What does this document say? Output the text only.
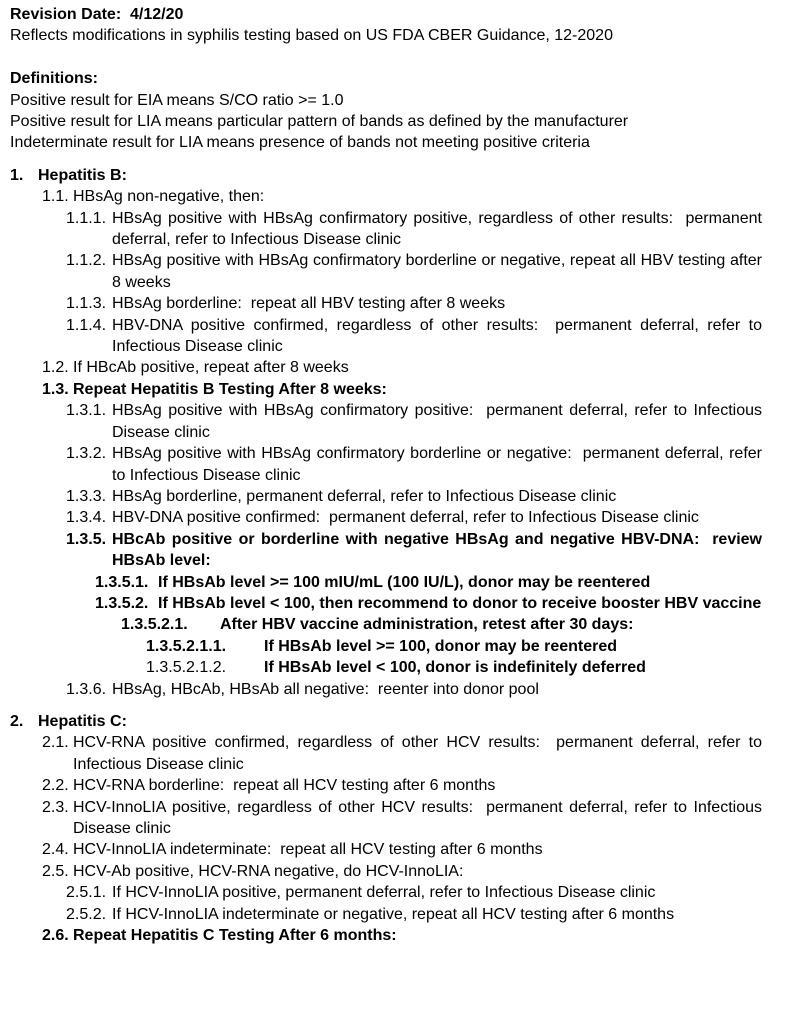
Revision Date:  4/12/20
Reflects modifications in syphilis testing based on US FDA CBER Guidance, 12-2020
Definitions:
Positive result for EIA means S/CO ratio >= 1.0
Positive result for LIA means particular pattern of bands as defined by the manufacturer
Indeterminate result for LIA means presence of bands not meeting positive criteria
1. Hepatitis B:
1.1. HBsAg non-negative, then:
1.1.1. HBsAg positive with HBsAg confirmatory positive, regardless of other results:  permanent deferral, refer to Infectious Disease clinic
1.1.2. HBsAg positive with HBsAg confirmatory borderline or negative, repeat all HBV testing after 8 weeks
1.1.3. HBsAg borderline:  repeat all HBV testing after 8 weeks
1.1.4. HBV-DNA positive confirmed, regardless of other results:  permanent deferral, refer to Infectious Disease clinic
1.2. If HBcAb positive, repeat after 8 weeks
1.3. Repeat Hepatitis B Testing After 8 weeks:
1.3.1. HBsAg positive with HBsAg confirmatory positive:  permanent deferral, refer to Infectious Disease clinic
1.3.2. HBsAg positive with HBsAg confirmatory borderline or negative:  permanent deferral, refer to Infectious Disease clinic
1.3.3. HBsAg borderline, permanent deferral, refer to Infectious Disease clinic
1.3.4. HBV-DNA positive confirmed:  permanent deferral, refer to Infectious Disease clinic
1.3.5. HBcAb positive or borderline with negative HBsAg and negative HBV-DNA:  review HBsAb level:
1.3.5.1. If HBsAb level >= 100 mIU/mL (100 IU/L), donor may be reentered
1.3.5.2. If HBsAb level < 100, then recommend to donor to receive booster HBV vaccine
1.3.5.2.1.	After HBV vaccine administration, retest after 30 days:
1.3.5.2.1.1.	If HBsAb level >= 100, donor may be reentered
1.3.5.2.1.2.	If HBsAb level < 100, donor is indefinitely deferred
1.3.6. HBsAg, HBcAb, HBsAb all negative:  reenter into donor pool
2. Hepatitis C:
2.1. HCV-RNA positive confirmed, regardless of other HCV results:  permanent deferral, refer to Infectious Disease clinic
2.2. HCV-RNA borderline:  repeat all HCV testing after 6 months
2.3. HCV-InnoLIA positive, regardless of other HCV results:  permanent deferral, refer to Infectious Disease clinic
2.4. HCV-InnoLIA indeterminate:  repeat all HCV testing after 6 months
2.5. HCV-Ab positive, HCV-RNA negative, do HCV-InnoLIA:
2.5.1. If HCV-InnoLIA positive, permanent deferral, refer to Infectious Disease clinic
2.5.2. If HCV-InnoLIA indeterminate or negative, repeat all HCV testing after 6 months
2.6. Repeat Hepatitis C Testing After 6 months:
